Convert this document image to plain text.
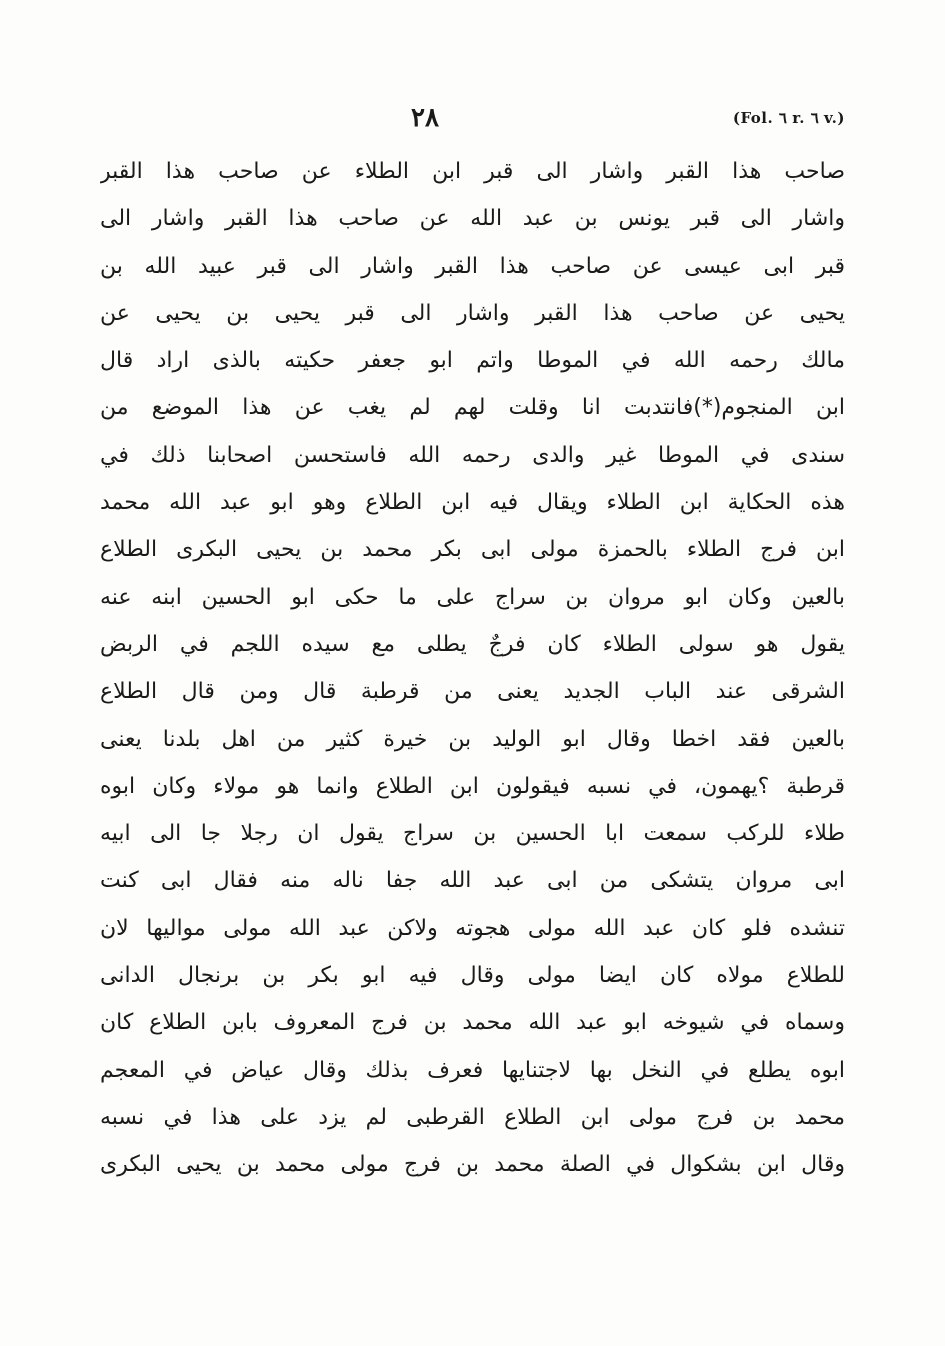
٢٨	(Fol. ٦ r. ٦ v.)
صاحب هذا القبر واشار الى قبر ابن الطلاء عن صاحب هذا القبر
واشار الى قبر يونس بن عبد الله عن صاحب هذا القبر واشار الى
قبر ابى عيسى عن صاحب هذا القبر واشار الى قبر عبيد الله بن
يحيى عن صاحب هذا القبر واشار الى قبر يحيى بن يحيى عن
مالك رحمه الله في الموطا واتم ابو جعفر حكيته بالذى اراد قال
ابن المنجوم(*)فانتدبت انا وقلت لهم لم يغب عن هذا الموضع من
سندى في الموطا غير والدى رحمه الله فاستحسن اصحابنا ذلك في
هذه الحكاية ابن الطلاء ويقال فيه ابن الطلاع وهو ابو عبد الله محمد
ابن فرج الطلاء بالحمزة مولى ابى بكر محمد بن يحيى البكرى الطلاع
بالعين وكان ابو مروان بن سراج على ما حكى ابو الحسين ابنه عنه
يقول هو سولى الطلاء كان فرجٌ يطلى مع سيده اللجم في الربض
الشرقى عند الباب الجديد يعنى من قرطبة قال ومن قال الطلاع
بالعين فقد اخطا وقال ابو الوليد بن خيرة كثير من اهل بلدنا يعنى
قرطبة ؟يهمون، في نسبه فيقولون ابن الطلاع وانما هو مولاء وكان ابوه
طلاء للركب سمعت ابا الحسين بن سراج يقول ان رجلا جا الى ابيه
ابى مروان يتشكى من ابى عبد الله جفا ناله منه فقال ابى كنت
تنشده فلو كان عبد الله مولى هجوته ولاكن عبد الله مولى مواليها لان
للطلاع مولاه كان ايضا مولى وقال فيه ابو بكر بن برنجال الدانى
وسماه في شيوخه ابو عبد الله محمد بن فرج المعروف بابن الطلاع كان
ابوه يطلع في النخل بها لاجتنايها فعرف بذلك وقال عياض في المعجم
محمد بن فرج مولى ابن الطلاع القرطبى لم يزد على هذا في نسبه
وقال ابن بشكوال في الصلة محمد بن فرج مولى محمد بن يحيى البكرى
